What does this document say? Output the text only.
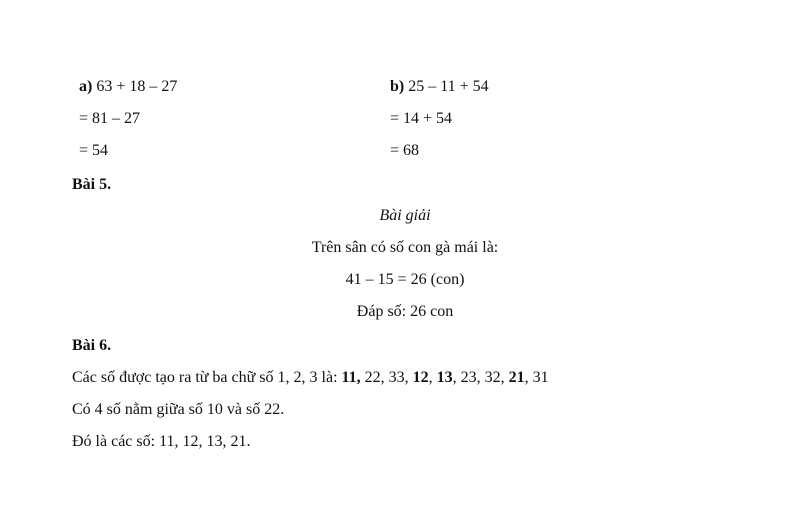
a) 63 + 18 – 27
= 81 – 27
= 54
b) 25 – 11 + 54
= 14 + 54
= 68
Bài 5.
Bài giải
Trên sân có số con gà mái là:
41 – 15 = 26 (con)
Đáp số: 26 con
Bài 6.
Các số được tạo ra từ ba chữ số 1, 2, 3 là: 11, 22, 33, 12, 13, 23, 32, 21, 31
Có 4 số nằm giữa số 10 và số 22.
Đó là các số: 11, 12, 13, 21.
